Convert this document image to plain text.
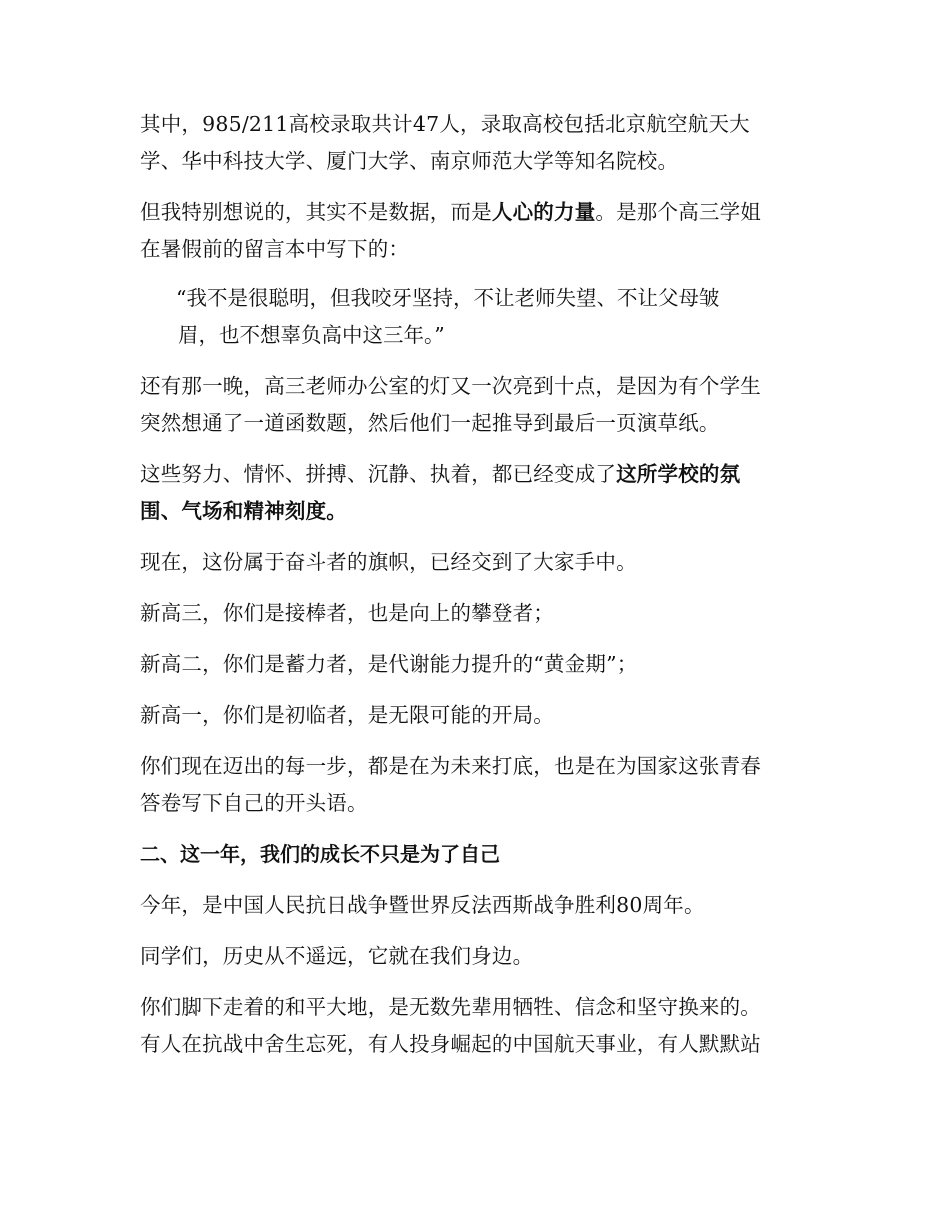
其中，985/211高校录取共计47人，录取高校包括北京航空航天大
学、华中科技大学、厦门大学、南京师范大学等知名院校。

但我特别想说的，其实不是数据，而是人心的力量。是那个高三学姐
在暑假前的留言本中写下的：

“我不是很聪明，但我咬牙坚持，不让老师失望、不让父母皱
眉，也不想辜负高中这三年。”

还有那一晚，高三老师办公室的灯又一次亮到十点，是因为有个学生
突然想通了一道函数题，然后他们一起推导到最后一页演草纸。

这些努力、情怀、拼搏、沉静、执着，都已经变成了这所学校的氛
围、气场和精神刻度。

现在，这份属于奋斗者的旗帜，已经交到了大家手中。

新高三，你们是接棒者，也是向上的攀登者；

新高二，你们是蓄力者，是代谢能力提升的“黄金期”；

新高一，你们是初临者，是无限可能的开局。

你们现在迈出的每一步，都是在为未来打底，也是在为国家这张青春
答卷写下自己的开头语。

二、这一年，我们的成长不只是为了自己

今年，是中国人民抗日战争暨世界反法西斯战争胜利80周年。

同学们，历史从不遥远，它就在我们身边。

你们脚下走着的和平大地，是无数先辈用牺牲、信念和坚守换来的。
有人在抗战中舍生忘死，有人投身崛起的中国航天事业，有人默默站
